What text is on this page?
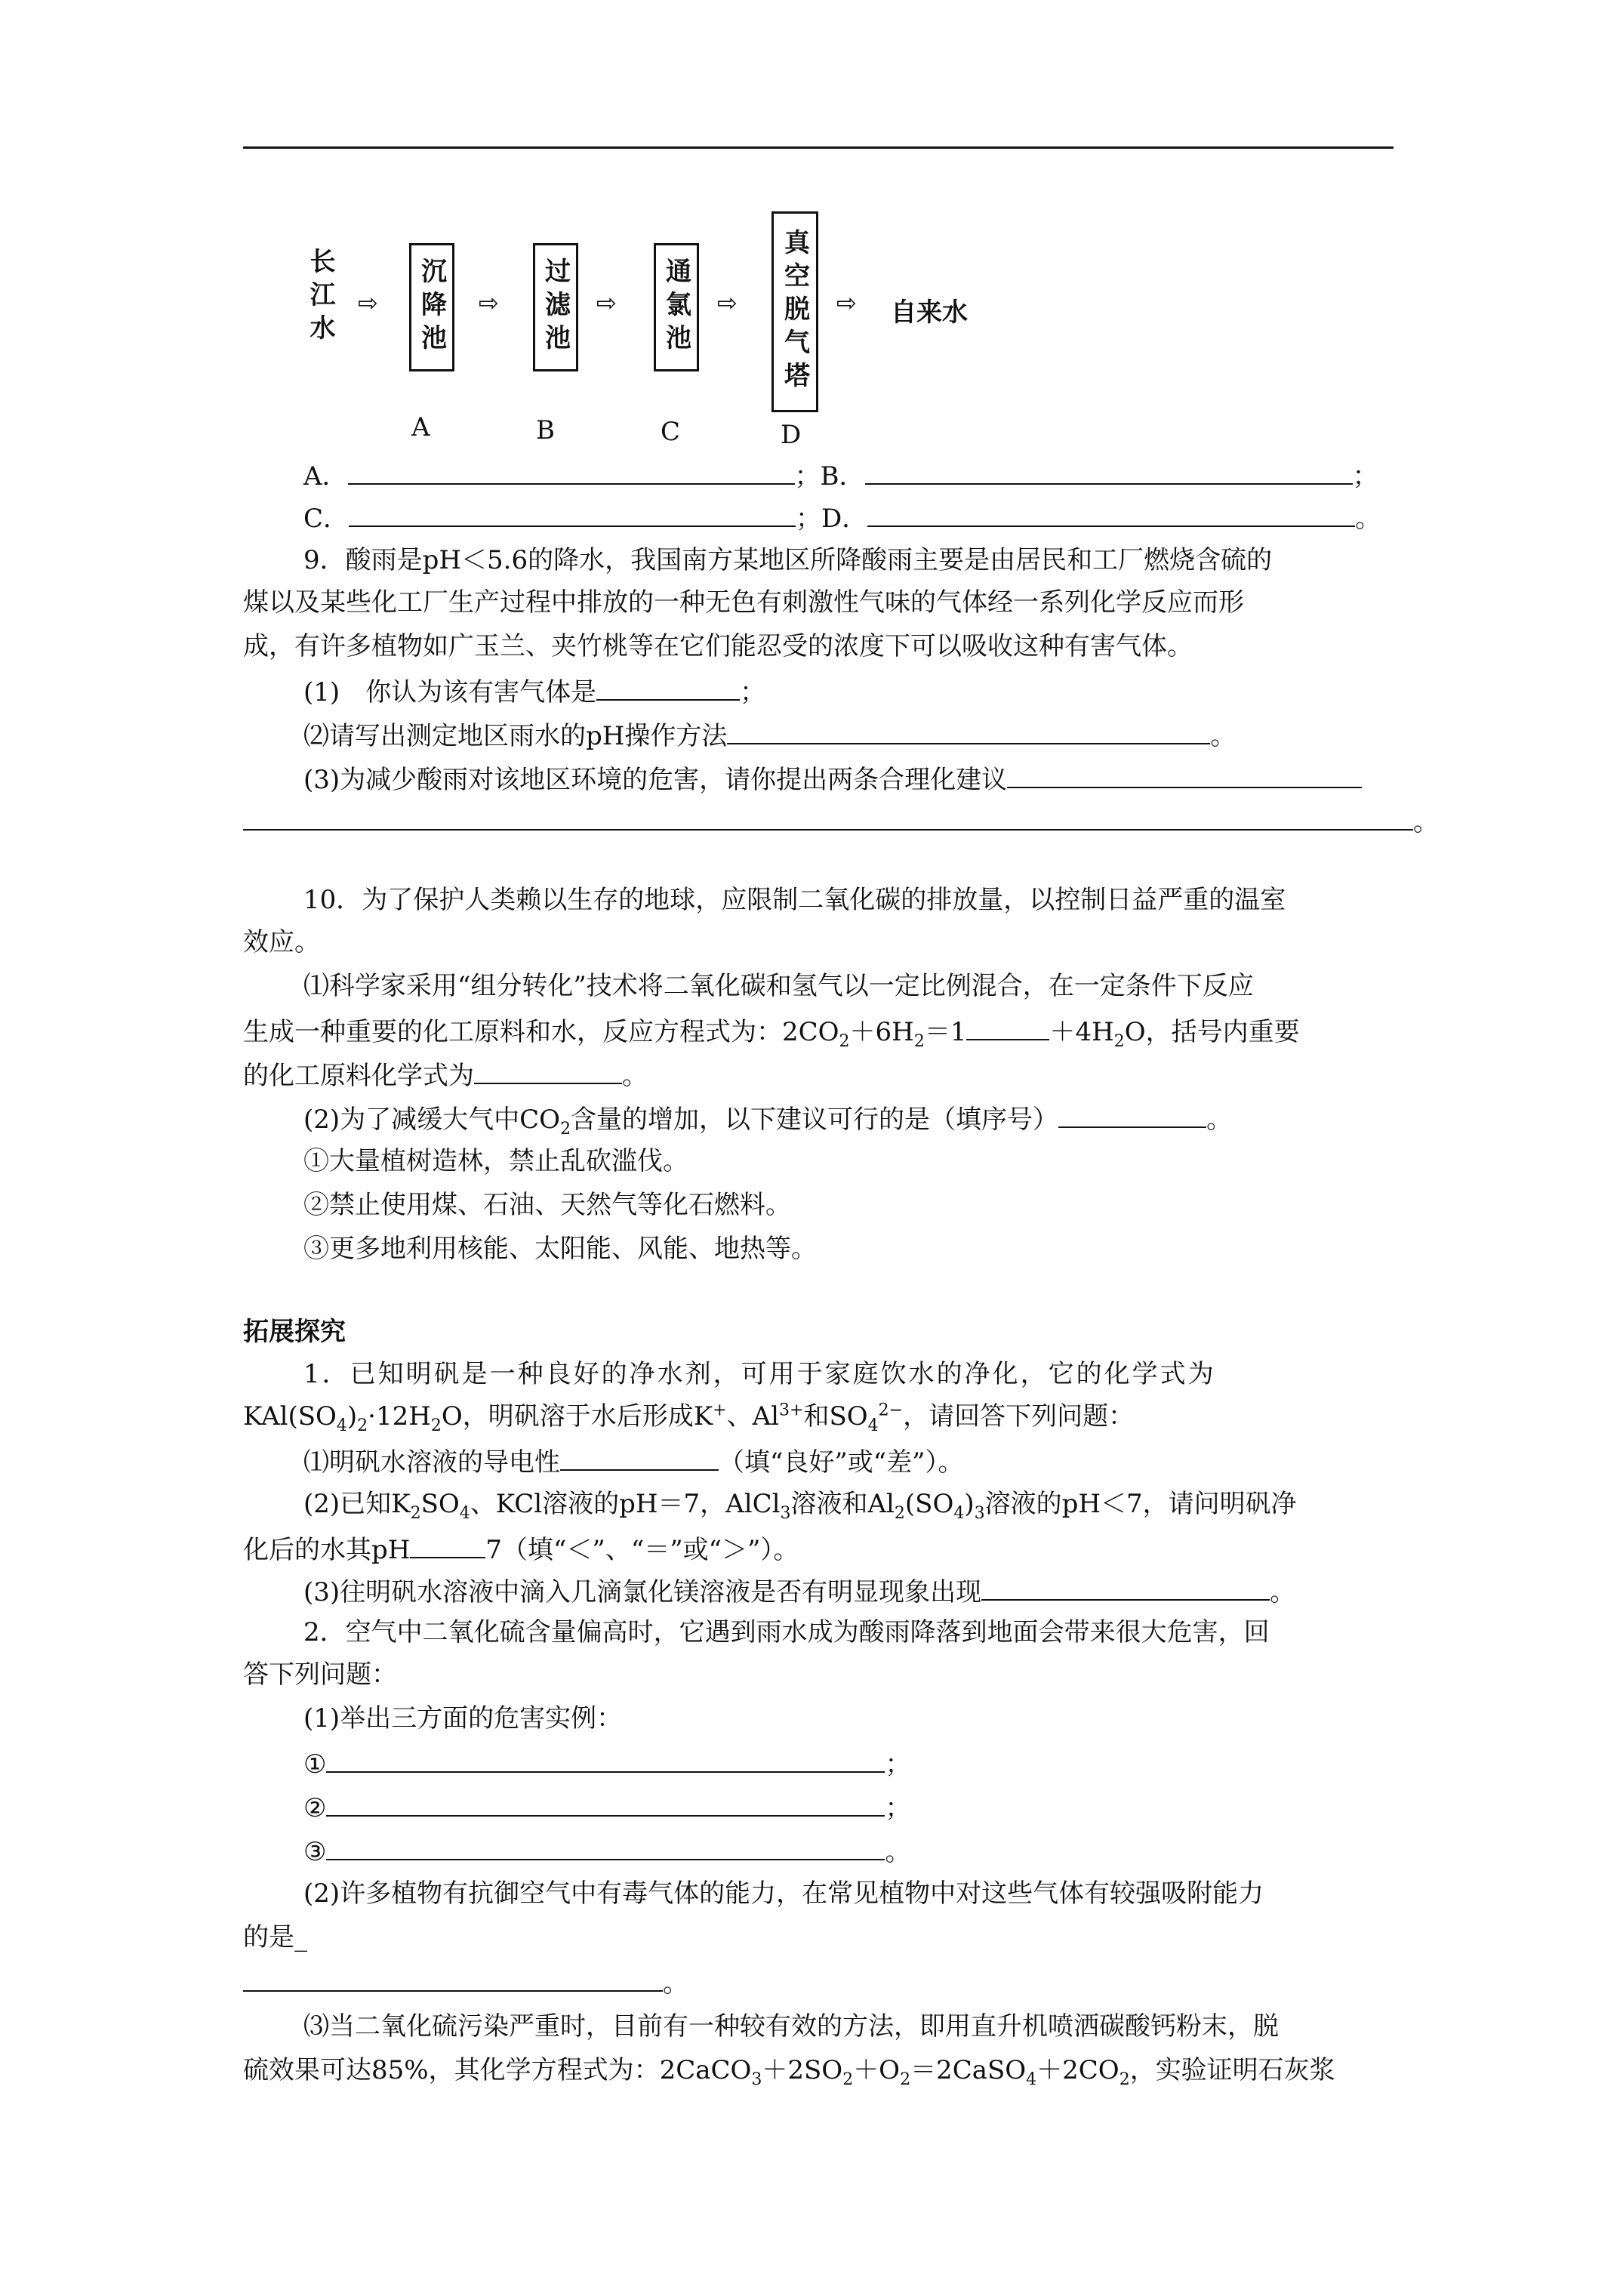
长江水 ⇨ 沉降池
A
⇨ 过滤池
B
⇨ 通氯池
C
⇨	真空脱气塔
D
⇨ 自来水
A．	；B．	；
C．	；D．	。
9．酸雨是pH＜5.6的降水，我国南方某地区所降酸雨主要是由居民和工厂燃烧含硫的
煤以及某些化工厂生产过程中排放的一种无色有刺激性气味的气体经一系列化学反应而形
成，有许多植物如广玉兰、夹竹桃等在它们能忍受的浓度下可以吸收这种有害气体。
(1)　你认为该有害气体是	；
⑵请写出测定地区雨水的pH操作方法	。
(3)为减少酸雨对该地区环境的危害，请你提出两条合理化建议
。
10．为了保护人类赖以生存的地球，应限制二氧化碳的排放量，以控制日益严重的温室
效应。
⑴科学家采用“组分转化”技术将二氧化碳和氢气以一定比例混合，在一定条件下反应
生成一种重要的化工原料和水，反应方程式为：$2CO_2+6H_2=1$	$+4H_2O$，括号内重要
的化工原料化学式为	。
(2)为了减缓大气中$CO_2$含量的增加，以下建议可行的是（填序号）	。
①大量植树造林，禁止乱砍滥伐。
②禁止使用煤、石油、天然气等化石燃料。
③更多地利用核能、太阳能、风能、地热等。
拓展探究
1．已知明矾是一种良好的净水剂，可用于家庭饮水的净化，它的化学式为
$KAl(SO_4)_2\cdot 12H_2O$，明矾溶于水后形成K+、$Al^{3+}$和$SO_4^{2-}$，请回答下列问题：
⑴明矾水溶液的导电性	（填“良好”或“差”）。
(2)已知$K_2SO_4$、KCl溶液的pH＝7，AlCl$_3$溶液和$Al_2(SO_4)_3$溶液的pH＜7，请问明矾净
化后的水其pH	7（填“＜”、“＝”或“＞”）。
(3)往明矾水溶液中滴入几滴氯化镁溶液是否有明显现象出现	。
2．空气中二氧化硫含量偏高时，它遇到雨水成为酸雨降落到地面会带来很大危害，回
答下列问题：
(1)举出三方面的危害实例：
①	；
②	；
③	。
(2)许多植物有抗御空气中有毒气体的能力，在常见植物中对这些气体有较强吸附能力
的是_
。
⑶当二氧化硫污染严重时，目前有一种较有效的方法，即用直升机喷洒碳酸钙粉末，脱
硫效果可达85%，其化学方程式为：$2CaCO_3+2SO_2+O_2=2CaSO_4+2CO_2$，实验证明石灰浆
